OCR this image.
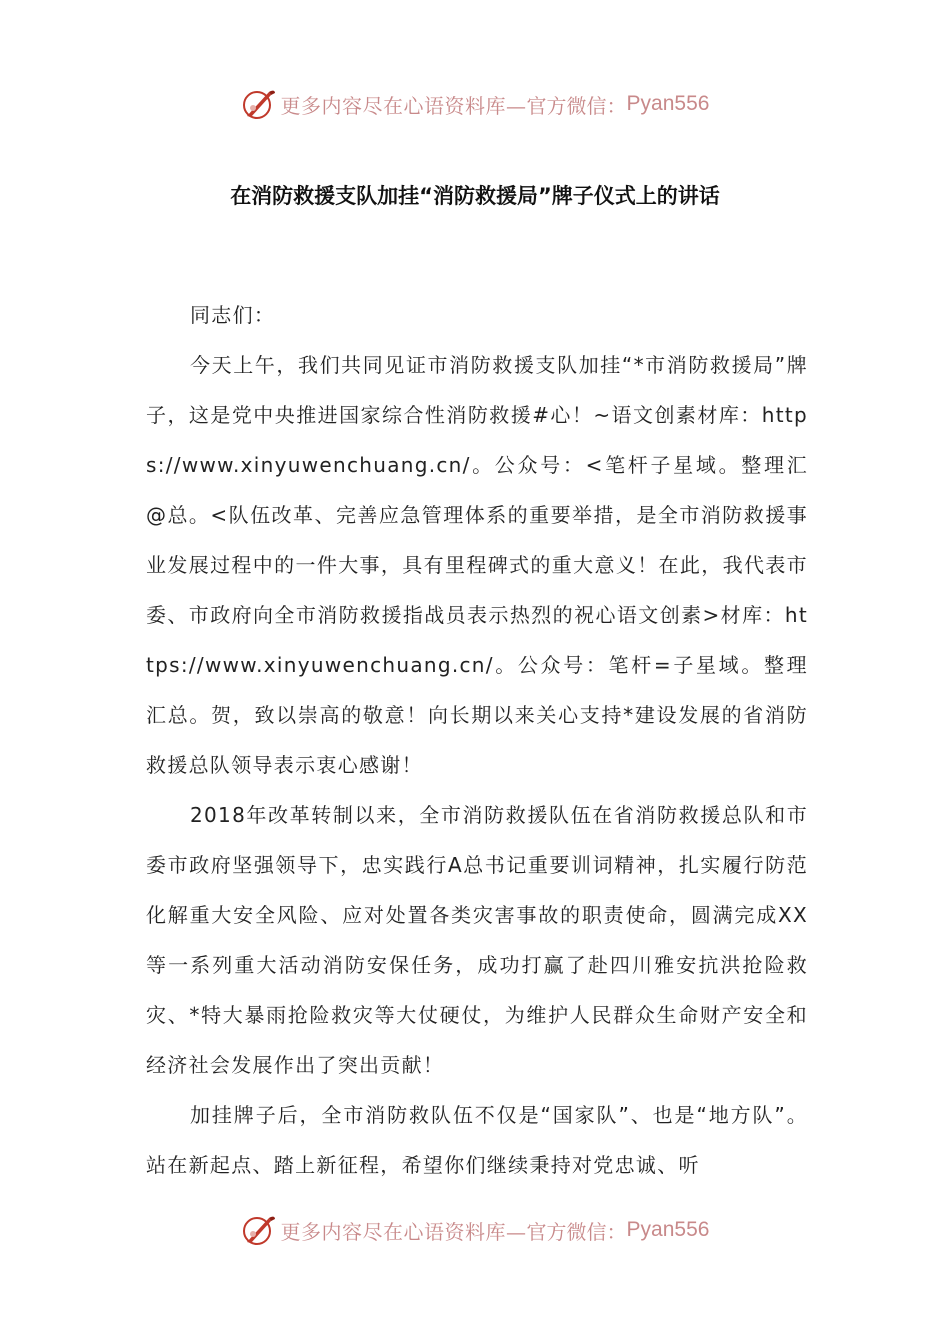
更多内容尽在心语资料库— 官方微信： Pyan556
在消防救援支队加挂“消防救援局”牌子仪式上的讲话

同志们：

今天上午，我们共同见证市消防救援支队加挂“*市消防救援局”牌子，这是党中央推进国家综合性消防救援#心！~语文创素材库：https://www.xinyuwenchuang.cn/。公众号：<笔杆子星域。整理汇@总。<队伍改革、完善应急管理体系的重要举措，是全市消防救援事业发展过程中的一件大事，具有里程碑式的重大意义！在此，我代表市委、市政府向全市消防救援指战员表示热烈的祝心语文创素>材库：https://www.xinyuwenchuang.cn/。公众号：笔杆=子星域。整理汇总。贺，致以崇高的敬意！向长期以来关心支持*建设发展的省消防救援总队领导表示衷心感谢！

2018年改革转制以来，全市消防救援队伍在省消防救援总队和市委市政府坚强领导下，忠实践行A总书记重要训词精神，扎实履行防范化解重大安全风险、应对处置各类灾害事故的职责使命，圆满完成XX等一系列重大活动消防安保任务，成功打赢了赴四川雅安抗洪抢险救灾、*特大暴雨抢险救灾等大仗硬仗，为维护人民群众生命财产安全和经济社会发展作出了突出贡献！

加挂牌子后，全市消防救队伍不仅是“国家队”、也是“地方队”。站在新起点、踏上新征程，希望你们继续秉持对党忠诚、听

更多内容尽在心语资料库— 官方微信： Pyan556
